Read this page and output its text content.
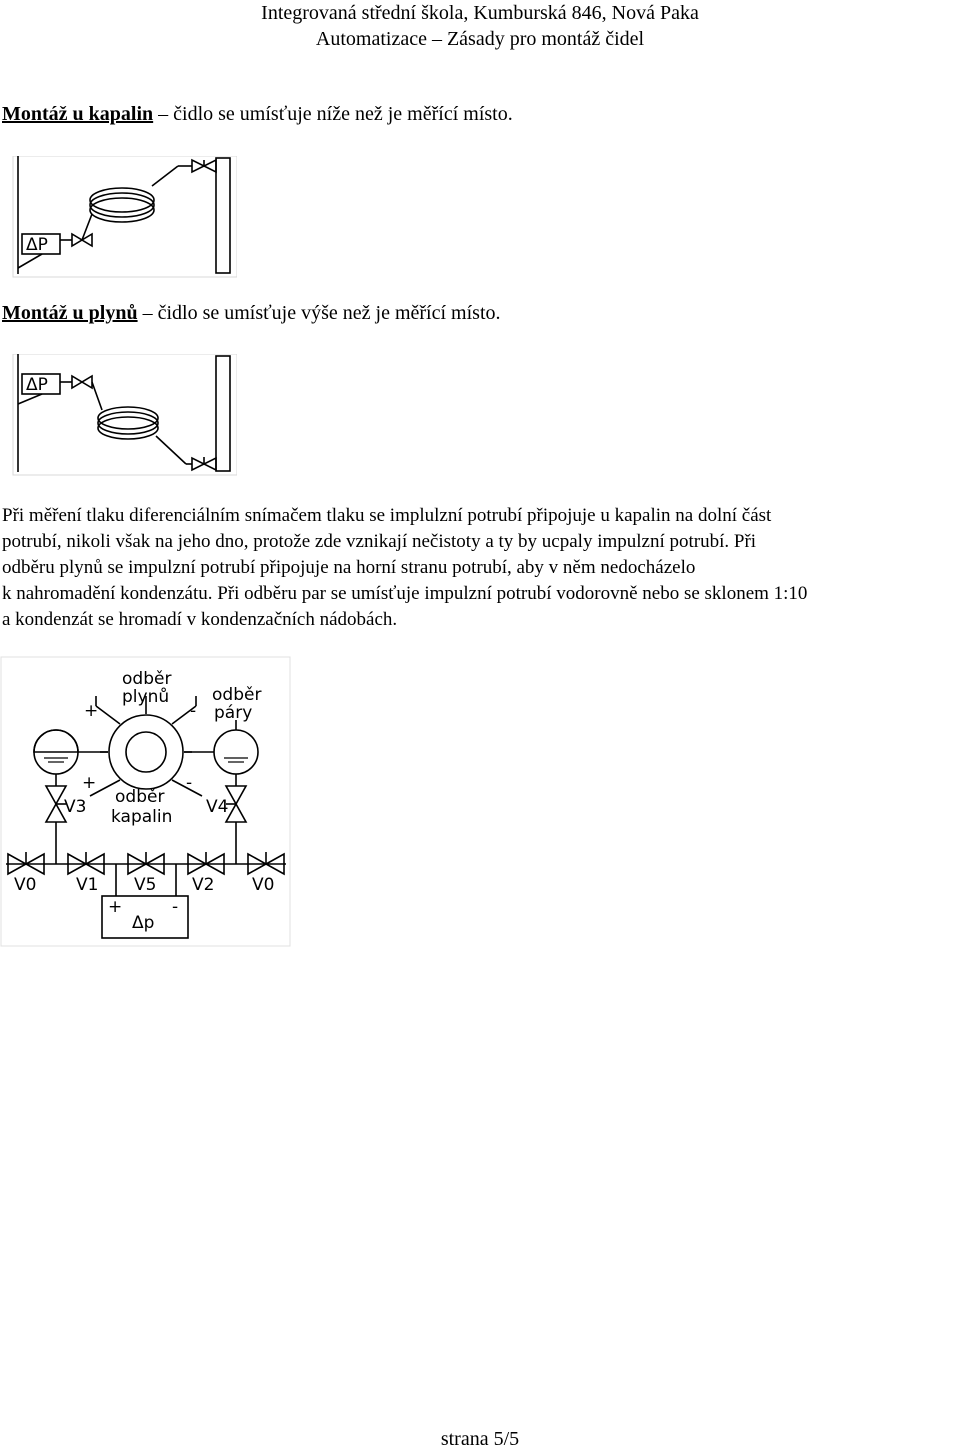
Integrovaná střední škola, Kumburská 846, Nová Paka
Automatizace – Zásady pro montáž čidel
Montáž u kapalin – čidlo se umísťuje níže než je měřící místo.
ΔP
Montáž u plynů – čidlo se umísťuje výše než je měřící místo.
ΔP

Při měření tlaku diferenciálním snímačem tlaku se implulzní potrubí připojuje u kapalin na dolní část

potrubí, nikoli však na jeho dno, protože zde vznikají nečistoty a ty by ucpaly impulzní potrubí. Při

odběru plynů se impulzní potrubí připojuje na horní stranu potrubí, aby v něm nedocházelo

k nahromadění kondenzátu. Při odběru par se umísťuje impulzní potrubí vodorovně nebo se sklonem 1:10

a kondenzát se hromadí v kondenzačních nádobách.

odběr
plynů	odběr
páry
odběr
kapalin
+	-
+	-
V3	V4
V0 V1 V5 V2 V0
+	-
Δp
strana 5/5
